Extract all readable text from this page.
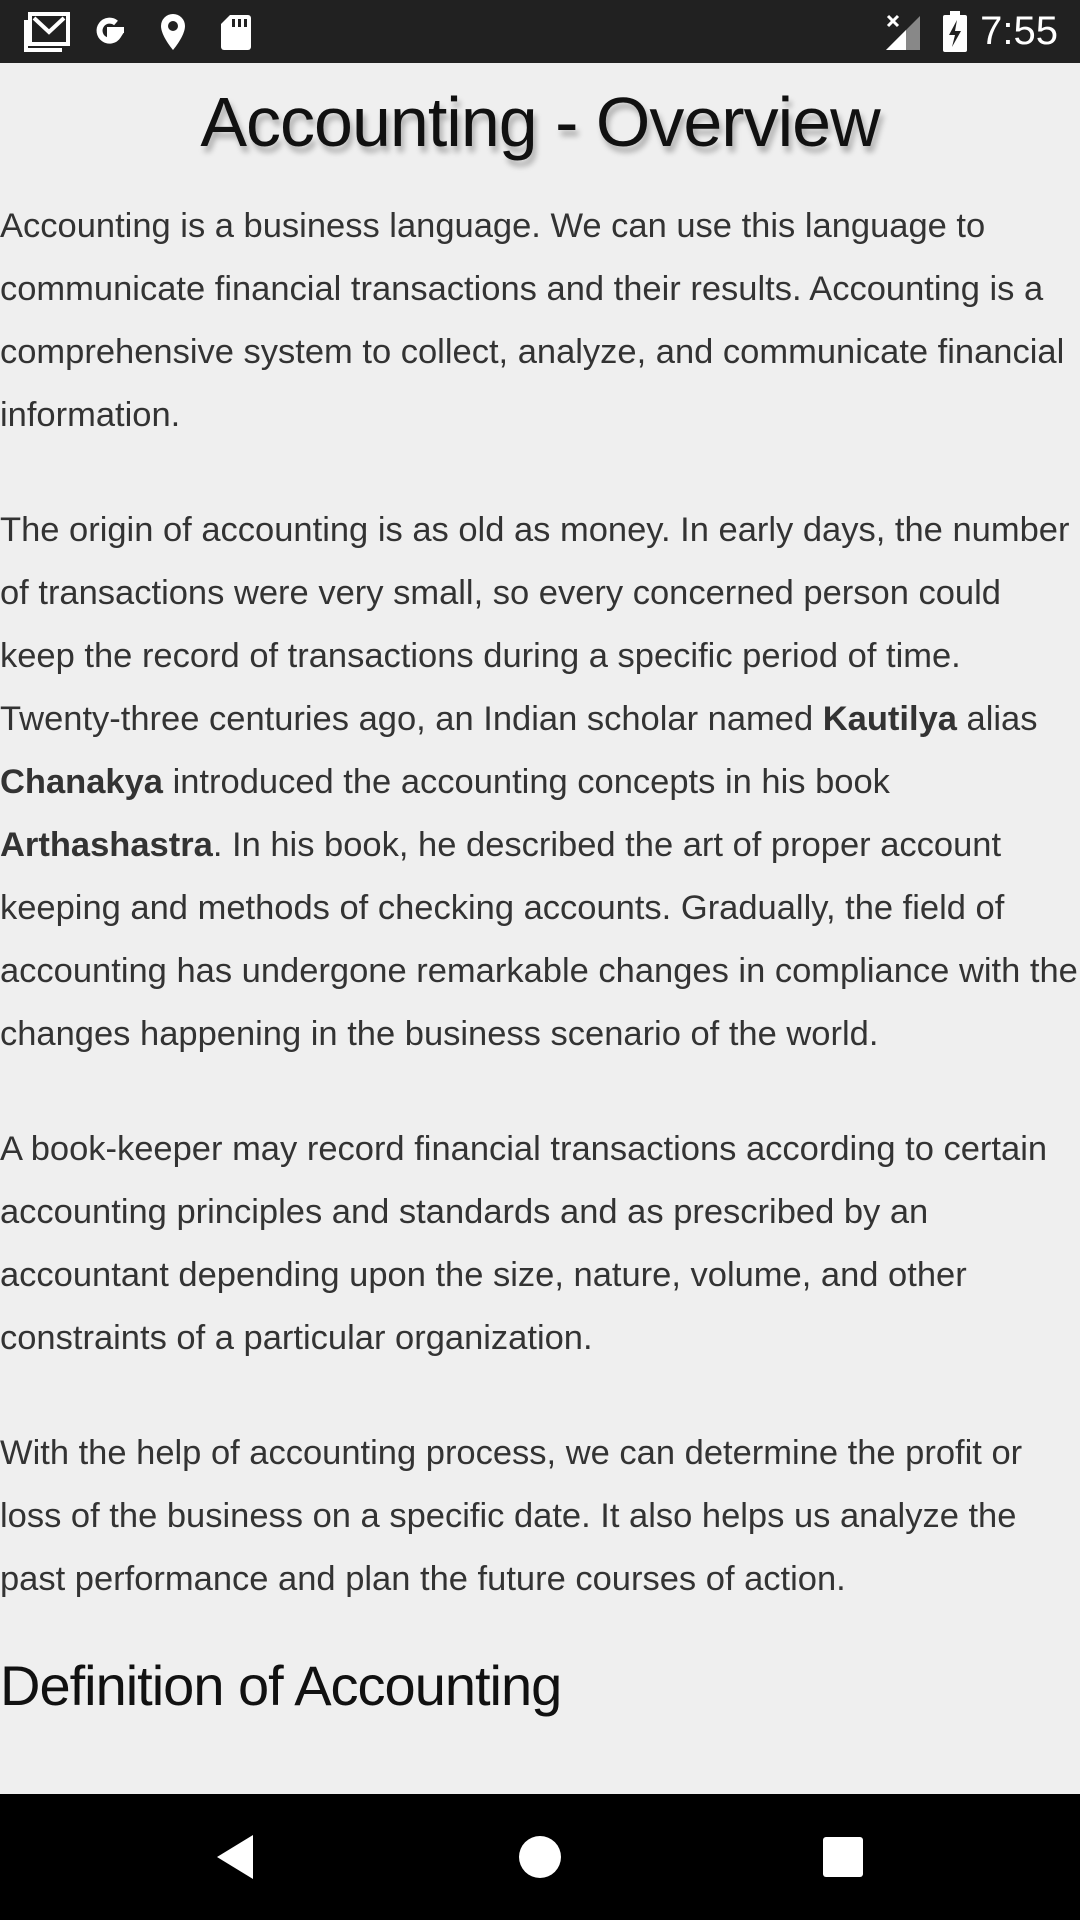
7:55
Accounting - Overview

Accounting is a business language. We can use this language to communicate financial transactions and their results. Accounting is a comprehensive system to collect, analyze, and communicate financial information.

The origin of accounting is as old as money. In early days, the number of transactions were very small, so every concerned person could keep the record of transactions during a specific period of time. Twenty-three centuries ago, an Indian scholar named Kautilya alias Chanakya introduced the accounting concepts in his book Arthashastra. In his book, he described the art of proper account keeping and methods of checking accounts. Gradually, the field of accounting has undergone remarkable changes in compliance with the changes happening in the business scenario of the world.

A book-keeper may record financial transactions according to certain accounting principles and standards and as prescribed by an accountant depending upon the size, nature, volume, and other constraints of a particular organization.

With the help of accounting process, we can determine the profit or loss of the business on a specific date. It also helps us analyze the past performance and plan the future courses of action.

Definition of Accounting
